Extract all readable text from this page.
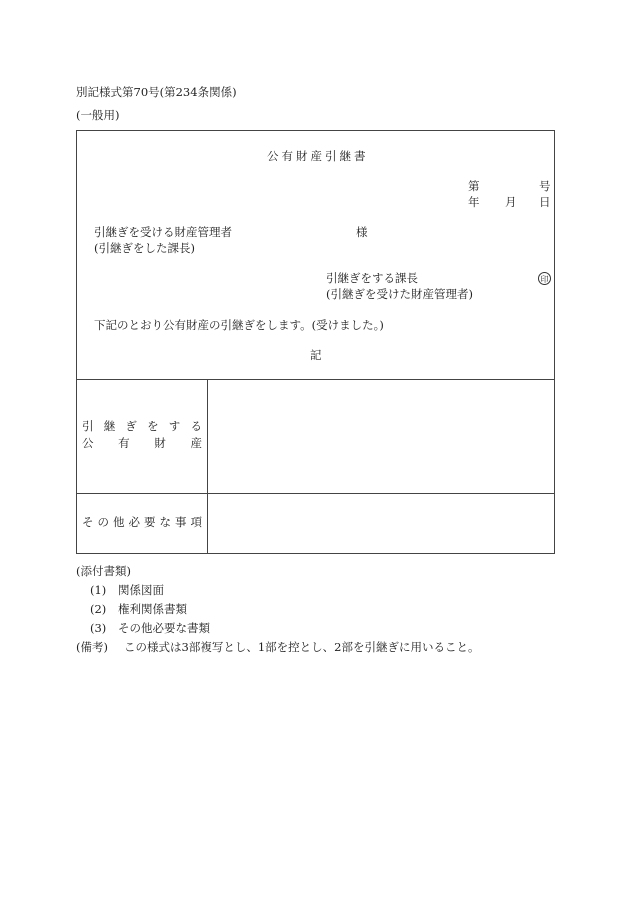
別記様式第70号(第234条関係)
(一般用)
公有財産引継書
第	号
年 月 日
引継ぎを受ける財産管理者
(引継ぎをした課長)
様
引継ぎをする課長
(引継ぎを受けた財産管理者)
印
下記のとおり公有財産の引継ぎをします。(受けました。)
記
引 継 ぎ を す る
公 有 財 産
そ の 他 必 要 な 事 項
(添付書類)
(1) 関係図面
(2) 権利関係書類
(3) その他必要な書類
(備考) この様式は3部複写とし、1部を控とし、2部を引継ぎに用いること。
